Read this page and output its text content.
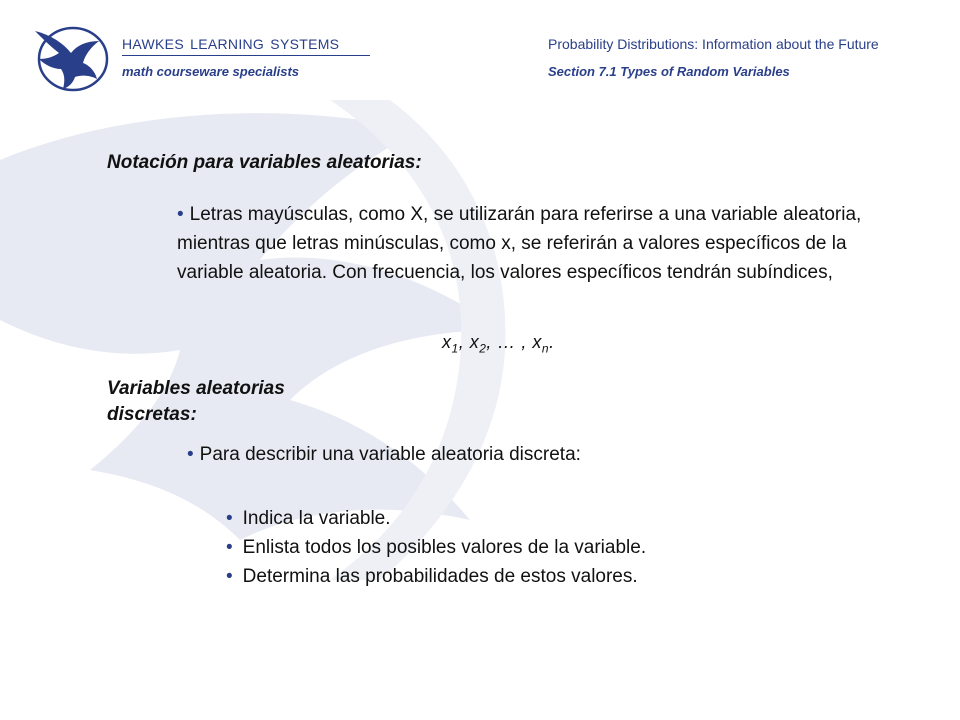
HAWKES LEARNING SYSTEMS
math courseware specialists
Probability Distributions: Information about the Future
Section 7.1 Types of Random Variables
Notación para variables aleatorias:
• Letras mayúsculas, como X, se utilizarán para referirse a una variable aleatoria, mientras que letras minúsculas, como x, se referirán a valores específicos de la variable aleatoria. Con frecuencia, los valores específicos tendrán subíndices,
$x_1$, $x_2$, … , $x_n$.
Variables aleatorias discretas:
• Para describir una variable aleatoria discreta:
• Indica la variable.
• Enlista todos los posibles valores de la variable.
• Determina las probabilidades de estos valores.
